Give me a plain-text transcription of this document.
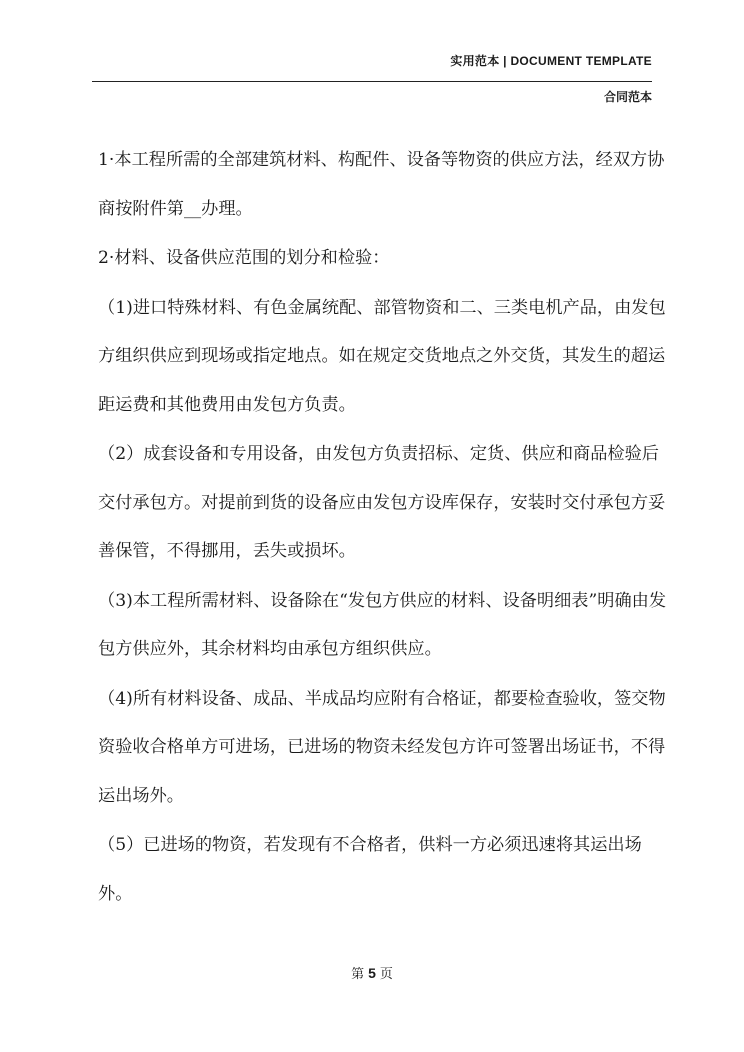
实用范本 | DOCUMENT TEMPLATE
合同范本

1·本工程所需的全部建筑材料、构配件、设备等物资的供应方法，经双方协商按附件第__办理。

2·材料、设备供应范围的划分和检验：

（1)进口特殊材料、有色金属统配、部管物资和二、三类电机产品，由发包方组织供应到现场或指定地点。如在规定交货地点之外交货，其发生的超运距运费和其他费用由发包方负责。

（2）成套设备和专用设备，由发包方负责招标、定货、供应和商品检验后交付承包方。对提前到货的设备应由发包方设库保存，安装时交付承包方妥善保管，不得挪用，丢失或损坏。

（3)本工程所需材料、设备除在“发包方供应的材料、设备明细表”明确由发包方供应外，其余材料均由承包方组织供应。

（4)所有材料设备、成品、半成品均应附有合格证，都要检查验收，签交物资验收合格单方可进场，已进场的物资未经发包方许可签署出场证书，不得运出场外。

（5）已进场的物资，若发现有不合格者，供料一方必须迅速将其运出场外。

第 5 页
